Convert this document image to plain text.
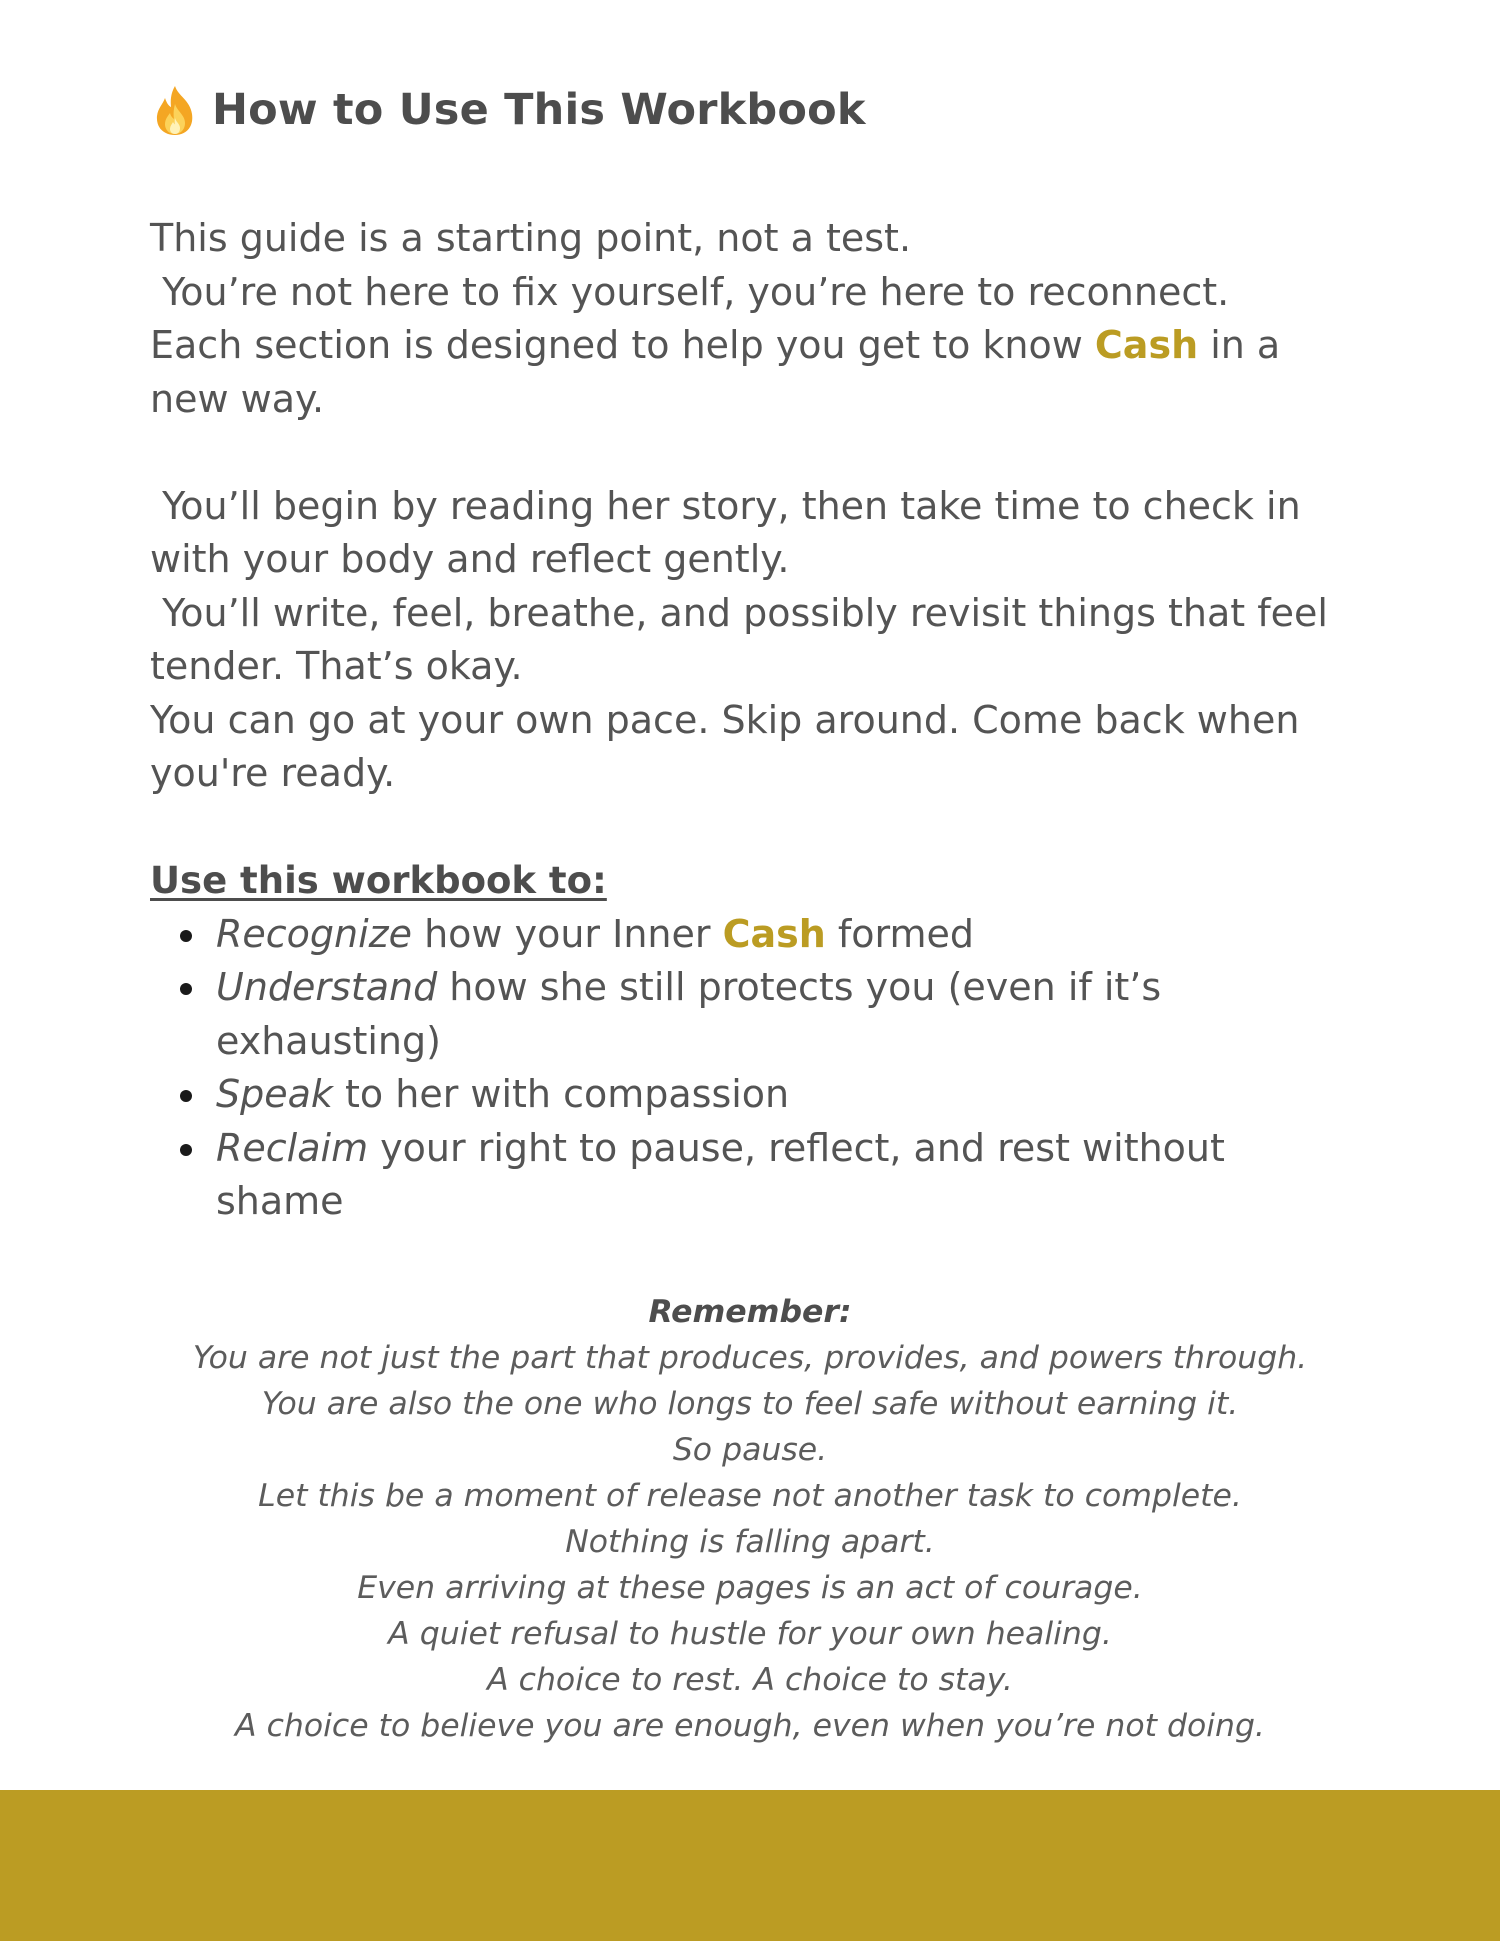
How to Use This Workbook

This guide is a starting point, not a test.

You’re not here to fix yourself, you’re here to reconnect.

Each section is designed to help you get to know Cash in a new way.

You’ll begin by reading her story, then take time to check in with your body and reflect gently.

You’ll write, feel, breathe, and possibly revisit things that feel tender. That’s okay.

You can go at your own pace. Skip around. Come back when you're ready.

Use this workbook to:
Recognize how your Inner Cash formed
Understand how she still protects you (even if it’s exhausting)
Speak to her with compassion
Reclaim your right to pause, reflect, and rest without shame
Remember:
You are not just the part that produces, provides, and powers through.
You are also the one who longs to feel safe without earning it.
So pause.
Let this be a moment of release not another task to complete.
Nothing is falling apart.
Even arriving at these pages is an act of courage.
A quiet refusal to hustle for your own healing.
A choice to rest. A choice to stay.
A choice to believe you are enough, even when you’re not doing.
